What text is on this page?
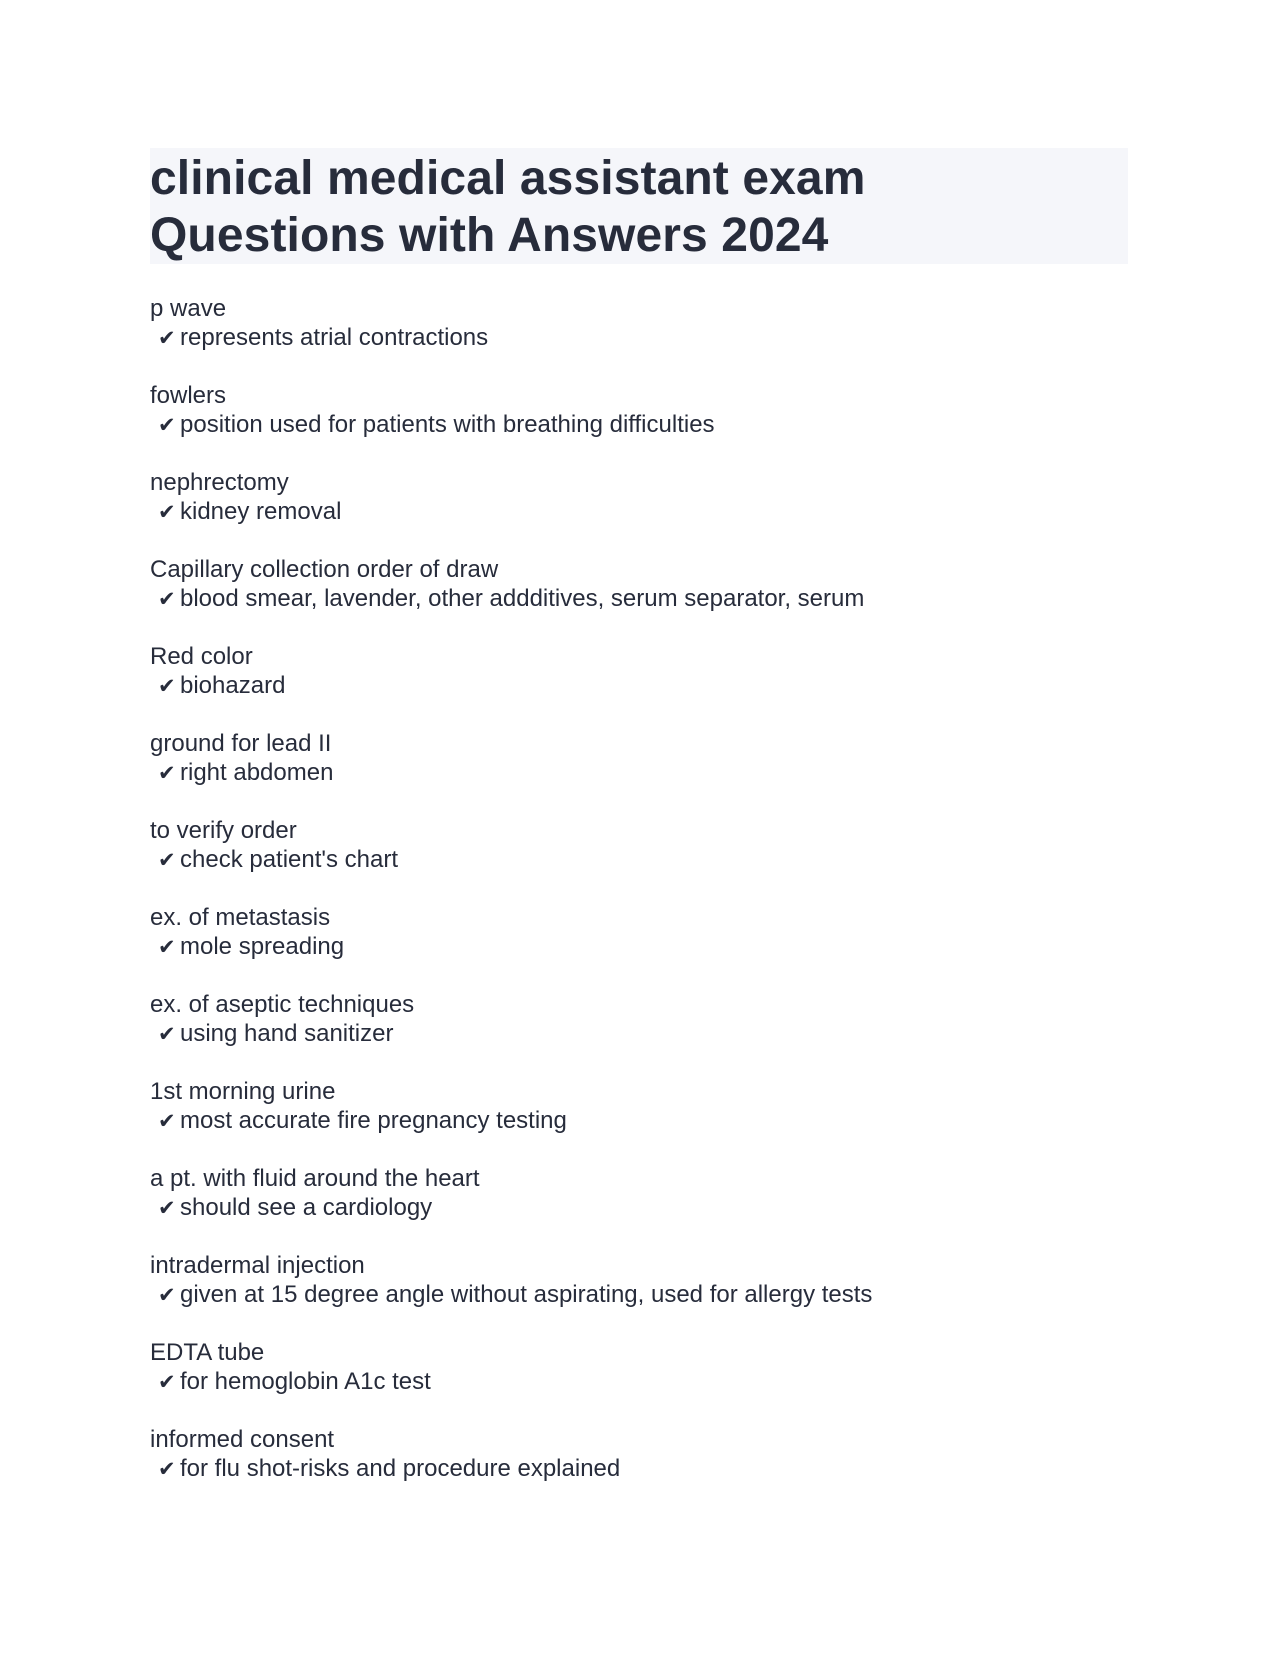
clinical medical assistant exam
Questions with Answers 2024
p wave
✔ represents atrial contractions
fowlers
✔ position used for patients with breathing difficulties
nephrectomy
✔ kidney removal
Capillary collection order of draw
✔ blood smear, lavender, other addditives, serum separator, serum
Red color
✔ biohazard
ground for lead II
✔ right abdomen
to verify order
✔ check patient's chart
ex. of metastasis
✔ mole spreading
ex. of aseptic techniques
✔ using hand sanitizer
1st morning urine
✔ most accurate fire pregnancy testing
a pt. with fluid around the heart
✔ should see a cardiology
intradermal injection
✔ given at 15 degree angle without aspirating, used for allergy tests
EDTA tube
✔ for hemoglobin A1c test
informed consent
✔ for flu shot-risks and procedure explained
